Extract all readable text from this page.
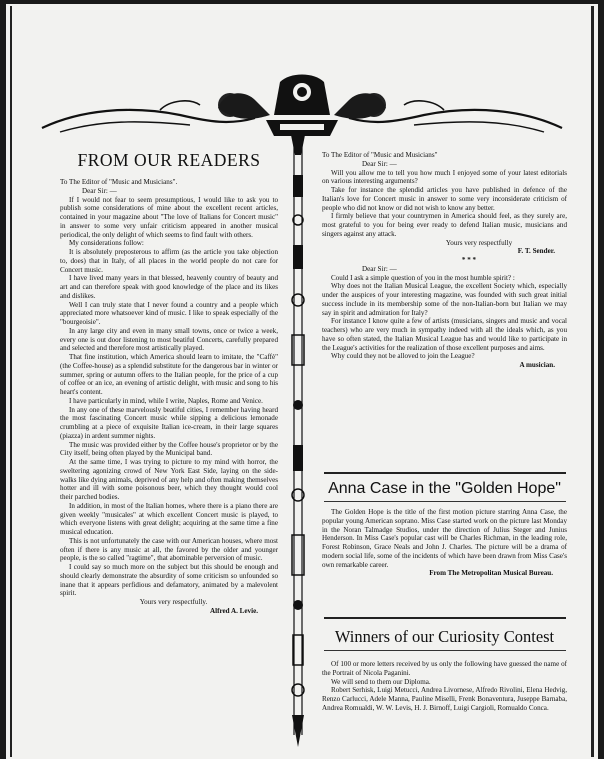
FROM OUR READERS

To The Editor of "Music and Musicians".

Dear Sir: —

If I would not fear to seem presumptious, I would like to ask you to publish some considerations of mine about the excellent recent articles, contained in your magazine about "The love of Italians for Concert music" in answer to some very unfair criticism appeared in another musical periodical, the only delight of which seems to find fault with others.

My considerations follow:

It is absolutely preposterous to affirm (as the article you take objection to, does) that in Italy, of all places in the world people do not care for Concert music.

I have lived many years in that blessed, heavenly country of beauty and art and can therefore speak with good knowledge of the place and its likes and dislikes.

Well I can truly state that I never found a country and a people which appreciated more whatsoever kind of music. I like to speak especially of the "bourgeoisie".

In any large city and even in many small towns, once or twice a week, every one is out door listening to most beatiful Concerts, carefully prepared and selected and therefore most artistically played.

That fine institution, which America should learn to imitate, the "Caffè" (the Coffee-house) as a splendid substitute for the dangerous bar in winter or summer, spring or autumn offers to the Italian people, for the price of a cup of coffee or an ice, an evening of artistic delight, with music and song to his heart's content.

I have particularly in mind, while I write, Naples, Rome and Venice.

In any one of these marvelously beatiful cities, I remember having heard the most fascinating Concert music while sipping a delicious lemonade crumbling at a piece of exquisite Italian ice-cream, in their large squares (piazza) in ardent summer nights.

The music was provided either by the Coffee house's proprietor or by the City itself, being often played by the Municipal band.

At the same time, I was trying to picture to my mind with horror, the sweltering agonizing crowd of New York East Side, laying on the side-walks like dying animals, deprived of any help and often making themselves hotter and ill with some poisonous beer, which they thought would cool their parched bodies.

In addition, in most of the Italian homes, where there is a piano there are given weekly "musicales" at which excellent Concert music is played, to which everyone listens with great delight; acquiring at the same time a fine musical education.

This is not unfortunately the case with our American houses, where most often if there is any music at all, the favored by the older and younger people, is the so called "ragtime", that abominable perversion of music.

I could say so much more on the subject but this should be enough and should clearly demonstrate the absurdity of some criticism so unfounded so inane that it appears perfidious and defamatory, animated by a malevolent spirit.

Yours very respectfully.

Alfred A. Levie.

To The Editor of "Music and Musicians"

Dear Sir: —

Will you allow me to tell you how much I enjoyed some of your latest editorials on various interesting arguments?

Take for instance the splendid articles you have published in defence of the Italian's love for Concert music in answer to some very inconsiderate criticism of people who did not know or did not wish to know any better.

I firmly believe that your countrymen in America should feel, as they surely are, most grateful to you for being ever ready to defend Italian music, musicians and singers against any attack.

Yours very respectfully

F. T. Sender.

* * *

Dear Sir: —

Could I ask a simple question of you in the most humble spirit? :

Why does not the Italian Musical League, the excellent Society which, especially under the auspices of your interesting magazine, was founded with such great initial success include in its membership some of the non-Italian-born but Italian we may say in spirit and admiration for Italy?

For instance I know quite a few of artists (musicians, singers and music and vocal teachers) who are very much in sympathy indeed with all the ideals which, as you have so often stated, the Italian Musical League has and would like to participate in the League's activities for the realization of those excellent purposes and aims.

Why could they not be alloved to join the League?

A musician.

Anna Case in the "Golden Hope"

The Golden Hope is the title of the first motion picture starring Anna Case, the popular young American soprano. Miss Case started work on the picture last Monday in the Noran Talmadge Studios, under the direction of Julius Steger and Junius Henderson. In Miss Case's popular cast will be Charles Richman, in the leading role, Forest Robinson, Grace Neals and John J. Charles. The picture will be a drama of modern social life, some of the incidents of which have been drawn from Miss Case's own remarkable career.

From The Metropolitan Musical Bureau.

Winners of our Curiosity Contest

Of 100 or more letters received by us only the following have guessed the name of the Portrait of Nicola Paganini.

We will send to them our Diploma.

Robert Serhisk, Luigi Metucci, Andrea Livornese, Alfredo Rivolini, Elena Hedvig, Renzo Carlucci, Adele Manna, Pauline Miselli, Frenk Bonaventura, Juseppe Barnaba, Andrea Romualdi, W. W. Levis, H. J. Birnoff, Luigi Cargioli, Romualdo Conca.
